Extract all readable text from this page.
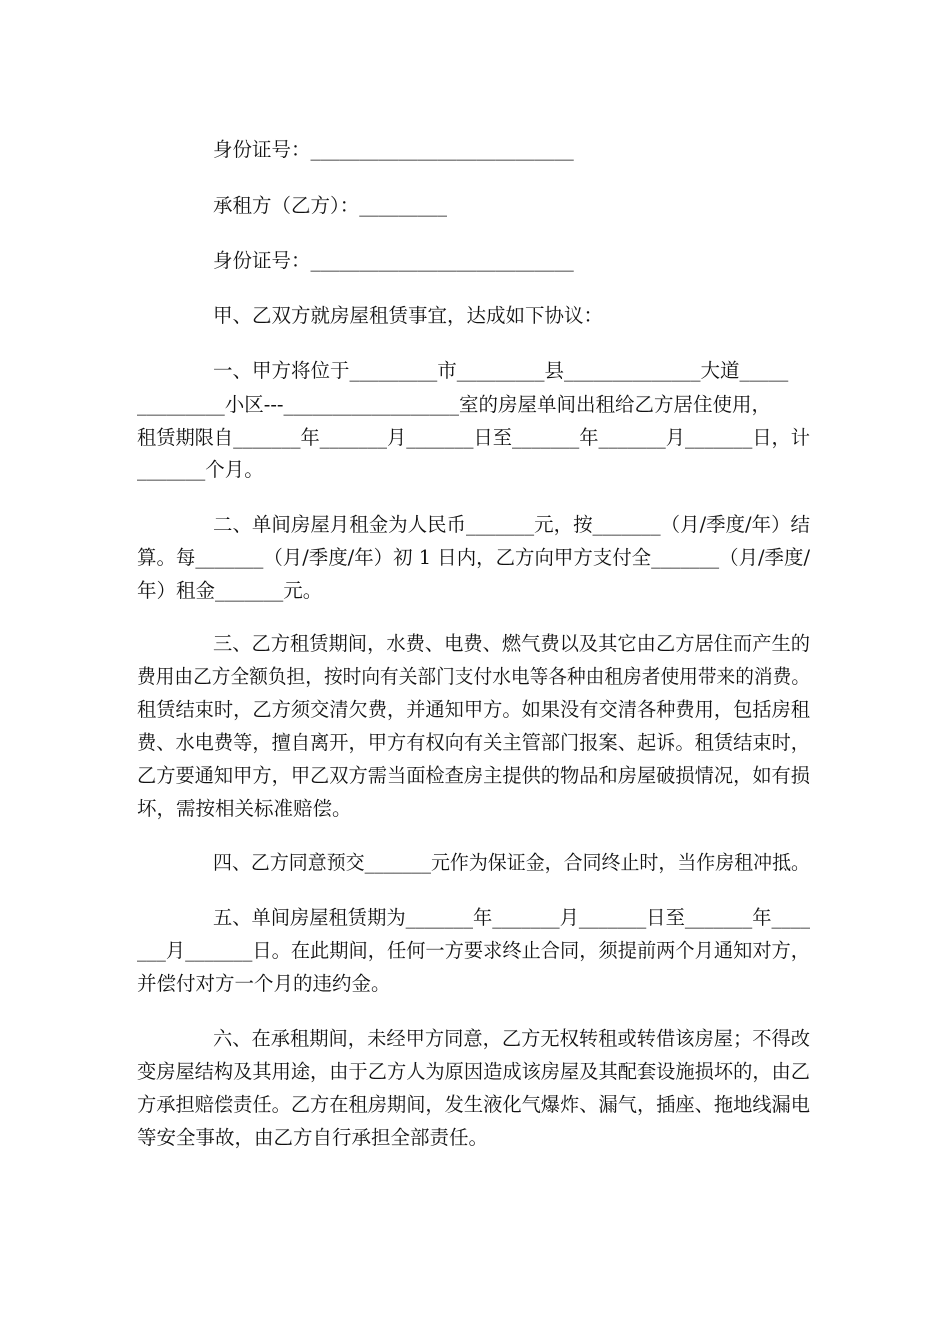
身份证号：___________________________
承租方（乙方）：_________
身份证号：___________________________
甲、乙双方就房屋租赁事宜，达成如下协议：
一、甲方将位于_________市_________县______________大道_____
_________小区---__________________室的房屋单间出租给乙方居住使用，
租赁期限自_______年_______月_______日至_______年_______月_______日，计
_______个月。
二、单间房屋月租金为人民币_______元，按_______（月/季度/年）结
算。每_______（月/季度/年）初 1 日内，乙方向甲方支付全_______（月/季度/
年）租金_______元。
三、乙方租赁期间，水费、电费、燃气费以及其它由乙方居住而产生的
费用由乙方全额负担，按时向有关部门支付水电等各种由租房者使用带来的消费。
租赁结束时，乙方须交清欠费，并通知甲方。如果没有交清各种费用，包括房租
费、水电费等，擅自离开，甲方有权向有关主管部门报案、起诉。租赁结束时，
乙方要通知甲方，甲乙双方需当面检查房主提供的物品和房屋破损情况，如有损
坏，需按相关标准赔偿。
四、乙方同意预交_______元作为保证金，合同终止时，当作房租冲抵。
五、单间房屋租赁期为_______年_______月_______日至_______年____
___月_______日。在此期间，任何一方要求终止合同，须提前两个月通知对方，
并偿付对方一个月的违约金。
六、在承租期间，未经甲方同意，乙方无权转租或转借该房屋；不得改
变房屋结构及其用途，由于乙方人为原因造成该房屋及其配套设施损坏的，由乙
方承担赔偿责任。乙方在租房期间，发生液化气爆炸、漏气，插座、拖地线漏电
等安全事故，由乙方自行承担全部责任。
